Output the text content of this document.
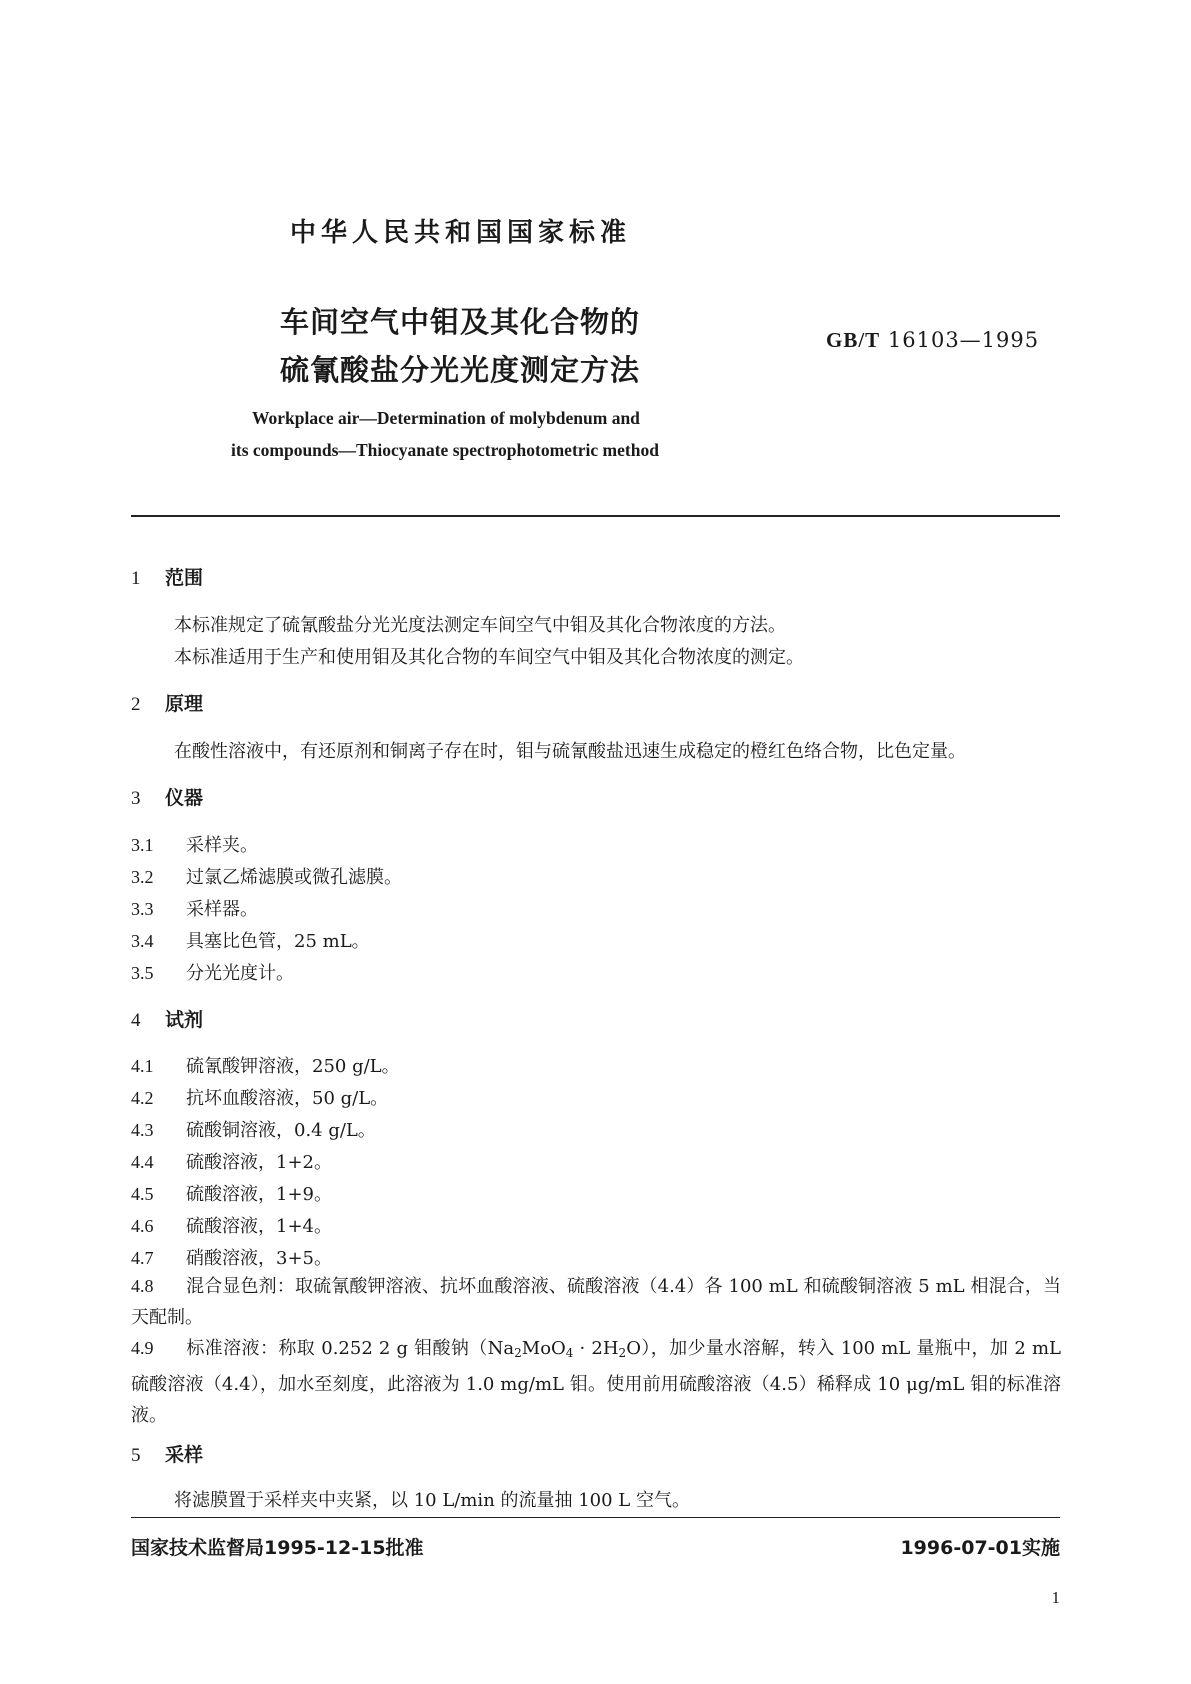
中华人民共和国国家标准
车间空气中钼及其化合物的
硫氰酸盐分光光度测定方法
GB/T 16103—1995
Workplace air—Determination of molybdenum and
its compounds—Thiocyanate spectrophotometric method
1 范围
本标准规定了硫氰酸盐分光光度法测定车间空气中钼及其化合物浓度的方法。
本标准适用于生产和使用钼及其化合物的车间空气中钼及其化合物浓度的测定。
2 原理
在酸性溶液中，有还原剂和铜离子存在时，钼与硫氰酸盐迅速生成稳定的橙红色络合物，比色定量。
3 仪器
3.1 采样夹。
3.2 过氯乙烯滤膜或微孔滤膜。
3.3 采样器。
3.4 具塞比色管，25 mL。
3.5 分光光度计。
4 试剂
4.1 硫氰酸钾溶液，250 g/L。
4.2 抗坏血酸溶液，50 g/L。
4.3 硫酸铜溶液，0.4 g/L。
4.4 硫酸溶液，1+2。
4.5 硫酸溶液，1+9。
4.6 硫酸溶液，1+4。
4.7 硝酸溶液，3+5。
4.8 混合显色剂：取硫氰酸钾溶液、抗坏血酸溶液、硫酸溶液（4.4）各 100 mL 和硫酸铜溶液 5 mL 相混合，当天配制。
4.9 标准溶液：称取 0.252 2 g 钼酸钠$(Na_2MoO_4 \cdot 2H_2O)$，加少量水溶解，转入 100 mL 量瓶中，加 2 mL 硫酸溶液（4.4），加水至刻度，此溶液为 1.0 mg/mL 钼。使用前用硫酸溶液（4.5）稀释成 10 μg/mL 钼的标准溶液。
5 采样
将滤膜置于采样夹中夹紧，以 10 L/min 的流量抽 100 L 空气。
国家技术监督局1995-12-15批准	1996-07-01实施
1
